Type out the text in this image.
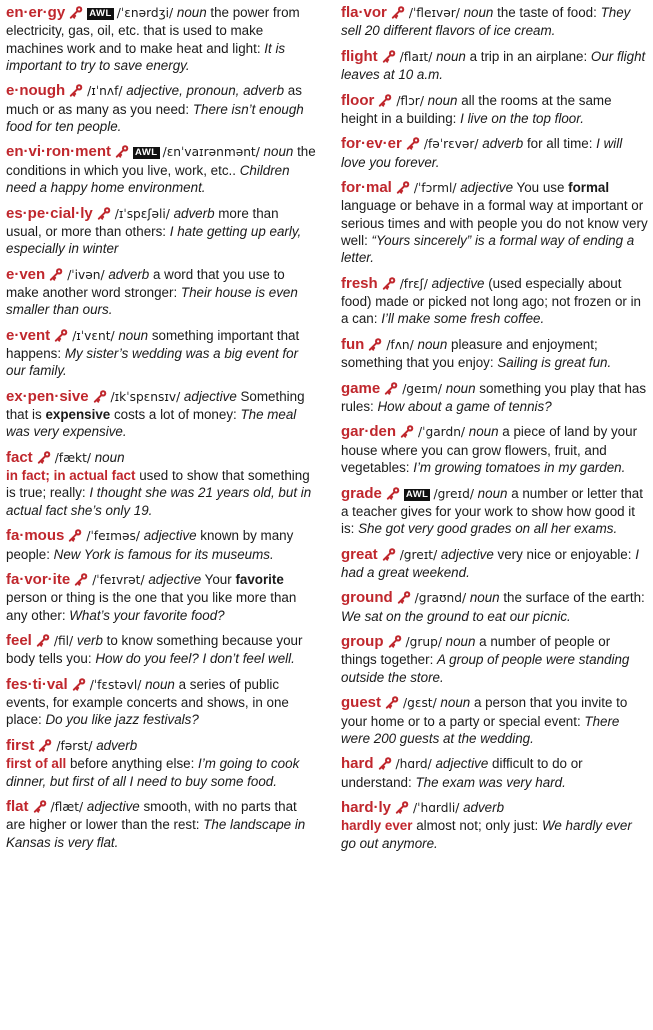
en·er·gy	AWL /ˈɛnərdʒi/ noun the power from electricity, gas, oil, etc. that is used to make machines work and to make heat and light: It is important to try to save energy.
e·nough /ɪˈnʌf/ adjective, pronoun, adverb as much or as many as you need: There isn’t enough food for ten people.
en·vi·ron·ment	AWL /ɛnˈvaɪrənmənt/ noun the conditions in which you live, work, etc.. Children need a happy home environment.
es·pe·cial·ly /ɪˈspɛʃəli/ adverb more than usual, or more than others: I hate getting up early, especially in winter
e·ven /ˈivən/ adverb a word that you use to make another word stronger: Their house is even smaller than ours.
e·vent /ɪˈvɛnt/ noun something important that happens: My sister’s wedding was a big event for our family.
ex·pen·sive /ɪkˈspɛnsɪv/ adjective Something that is expensive costs a lot of money: The meal was very expensive.
fact /fækt/ noun
in fact; in actual fact used to show that something is true; really: I thought she was 21 years old, but in actual fact she’s only 19.
fa·mous /ˈfeɪməs/ adjective known by many people: New York is famous for its museums.
fa·vor·ite /ˈfeɪvrət/ adjective Your favorite person or thing is the one that you like more than any other: What’s your favorite food?
feel /fil/ verb to know something because your body tells you: How do you feel? I don’t feel well.
fes·ti·val /ˈfɛstəvl/ noun a series of public events, for example concerts and shows, in one place: Do you like jazz festivals?
first /fərst/ adverb
first of all before anything else: I’m going to cook dinner, but first of all I need to buy some food.
flat /flæt/ adjective smooth, with no parts that are higher or lower than the rest: The landscape in Kansas is very flat.
fla·vor /ˈfleɪvər/ noun the taste of food: They sell 20 different flavors of ice cream.
flight /flaɪt/ noun a trip in an airplane: Our flight leaves at 10 a.m.
floor /flɔr/ noun all the rooms at the same height in a building: I live on the top floor.
for·ev·er /fəˈrɛvər/ adverb for all time: I will love you forever.
for·mal /ˈfɔrml/ adjective You use formal language or behave in a formal way at important or serious times and with people you do not know very well: “Yours sincerely” is a formal way of ending a letter.
fresh /frɛʃ/ adjective (used especially about food) made or picked not long ago; not frozen or in a can: I’ll make some fresh coffee.
fun /fʌn/ noun pleasure and enjoyment; something that you enjoy: Sailing is great fun.
game /geɪm/ noun something you play that has rules: How about a game of tennis?
gar·den /ˈgardn/ noun a piece of land by your house where you can grow flowers, fruit, and vegetables: I’m growing tomatoes in my garden.
grade	AWL /greɪd/ noun a number or letter that a teacher gives for your work to show how good it is: She got very good grades on all her exams.
great /greɪt/ adjective very nice or enjoyable: I had a great weekend.
ground /graʊnd/ noun the surface of the earth: We sat on the ground to eat our picnic.
group /grup/ noun a number of people or things together: A group of people were standing outside the store.
guest /gɛst/ noun a person that you invite to your home or to a party or special event: There were 200 guests at the wedding.
hard /hɑrd/ adjective difficult to do or understand: The exam was very hard.
hard·ly /ˈhɑrdli/ adverb
hardly ever almost not; only just: We hardly ever go out anymore.
